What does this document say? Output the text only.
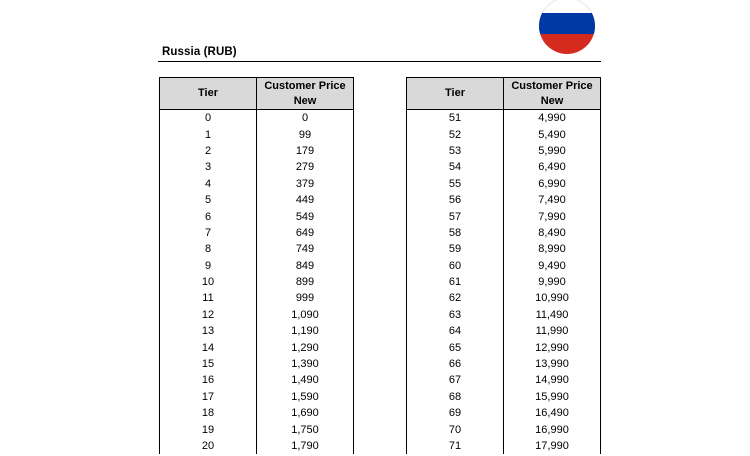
Russia (RUB)
Tier	Customer Price
New

0	0
1	99
2	179
3	279
4	379
5	449
6	549
7	649
8	749
9	849
10	899
11	999
12	1,090
13	1,190
14	1,290
15	1,390
16	1,490
17	1,590
18	1,690
19	1,750
20	1,790
Tier	Customer Price
New

51	4,990
52	5,490
53	5,990
54	6,490
55	6,990
56	7,490
57	7,990
58	8,490
59	8,990
60	9,490
61	9,990
62	10,990
63	11,490
64	11,990
65	12,990
66	13,990
67	14,990
68	15,990
69	16,490
70	16,990
71	17,990
